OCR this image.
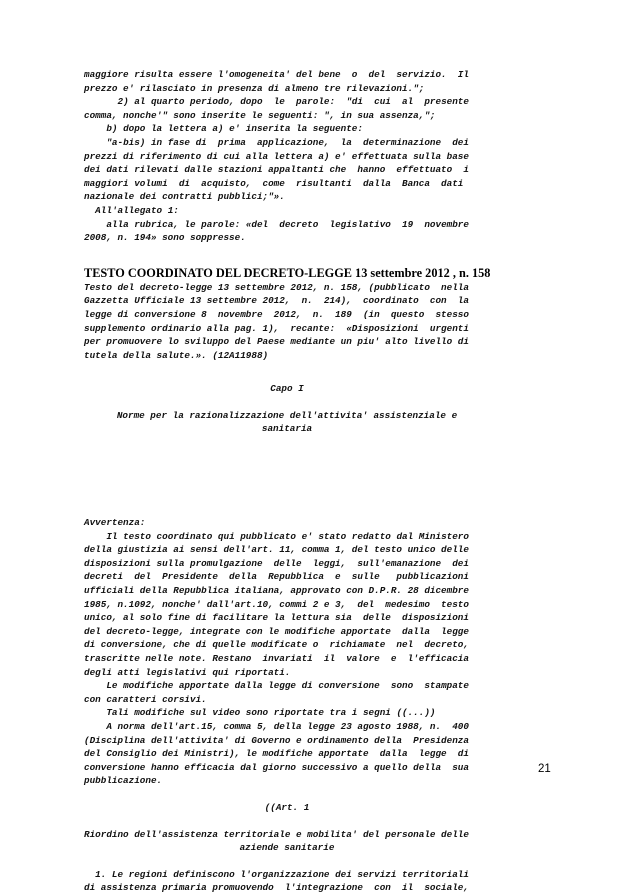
maggiore risulta essere l'omogeneita' del bene  o  del  servizio.  Il

prezzo e' rilasciato in presenza di almeno tre rilevazioni.";

2) al quarto periodo, dopo  le  parole:  "di  cui  al  presente

comma, nonche'" sono inserite le seguenti: ", in sua assenza,";

b) dopo la lettera a) e' inserita la seguente:

"a-bis) in fase di  prima  applicazione,  la  determinazione  dei

prezzi di riferimento di cui alla lettera a) e' effettuata sulla base

dei dati rilevati dalle stazioni appaltanti che  hanno  effettuato  i

maggiori volumi  di  acquisto,  come  risultanti  dalla  Banca  dati

nazionale dei contratti pubblici;"».

All'allegato 1:

alla rubrica, le parole: «del  decreto  legislativo  19  novembre

2008, n. 194» sono soppresse.

TESTO COORDINATO DEL DECRETO-LEGGE 13 settembre 2012 , n. 158

Testo del decreto-legge 13 settembre 2012, n. 158, (pubblicato  nella

Gazzetta Ufficiale 13 settembre 2012,  n.  214),  coordinato  con  la

legge di conversione 8  novembre  2012,  n.  189  (in  questo  stesso

supplemento ordinario alla pag. 1),  recante:  «Disposizioni  urgenti

per promuovere lo sviluppo del Paese mediante un piu' alto livello di

tutela della salute.». (12A11988)

Capo I

Norme per la razionalizzazione dell'attivita' assistenziale e

sanitaria

Avvertenza:

Il testo coordinato qui pubblicato e' stato redatto dal Ministero

della giustizia ai sensi dell'art. 11, comma 1, del testo unico delle

disposizioni sulla promulgazione  delle  leggi,  sull'emanazione  dei

decreti  del  Presidente  della  Repubblica  e  sulle   pubblicazioni

ufficiali della Repubblica italiana, approvato con D.P.R. 28 dicembre

1985, n.1092, nonche' dall'art.10, commi 2 e 3,  del  medesimo  testo

unico, al solo fine di facilitare la lettura sia  delle  disposizioni

del decreto-legge, integrate con le modifiche apportate  dalla  legge

di conversione, che di quelle modificate o  richiamate  nel  decreto,

trascritte nelle note. Restano  invariati  il  valore  e  l'efficacia

degli atti legislativi qui riportati.

Le modifiche apportate dalla legge di conversione  sono  stampate

con caratteri corsivi.

Tali modifiche sul video sono riportate tra i segni ((...))

A norma dell'art.15, comma 5, della legge 23 agosto 1988, n.  400

(Disciplina dell'attivita' di Governo e ordinamento della  Presidenza

del Consiglio dei Ministri), le modifiche apportate  dalla  legge  di

conversione hanno efficacia dal giorno successivo a quello della  sua

pubblicazione.

((Art. 1

Riordino dell'assistenza territoriale e mobilita' del personale delle

aziende sanitarie

1. Le regioni definiscono l'organizzazione dei servizi territoriali

di assistenza primaria promuovendo  l'integrazione  con  il  sociale,

21
